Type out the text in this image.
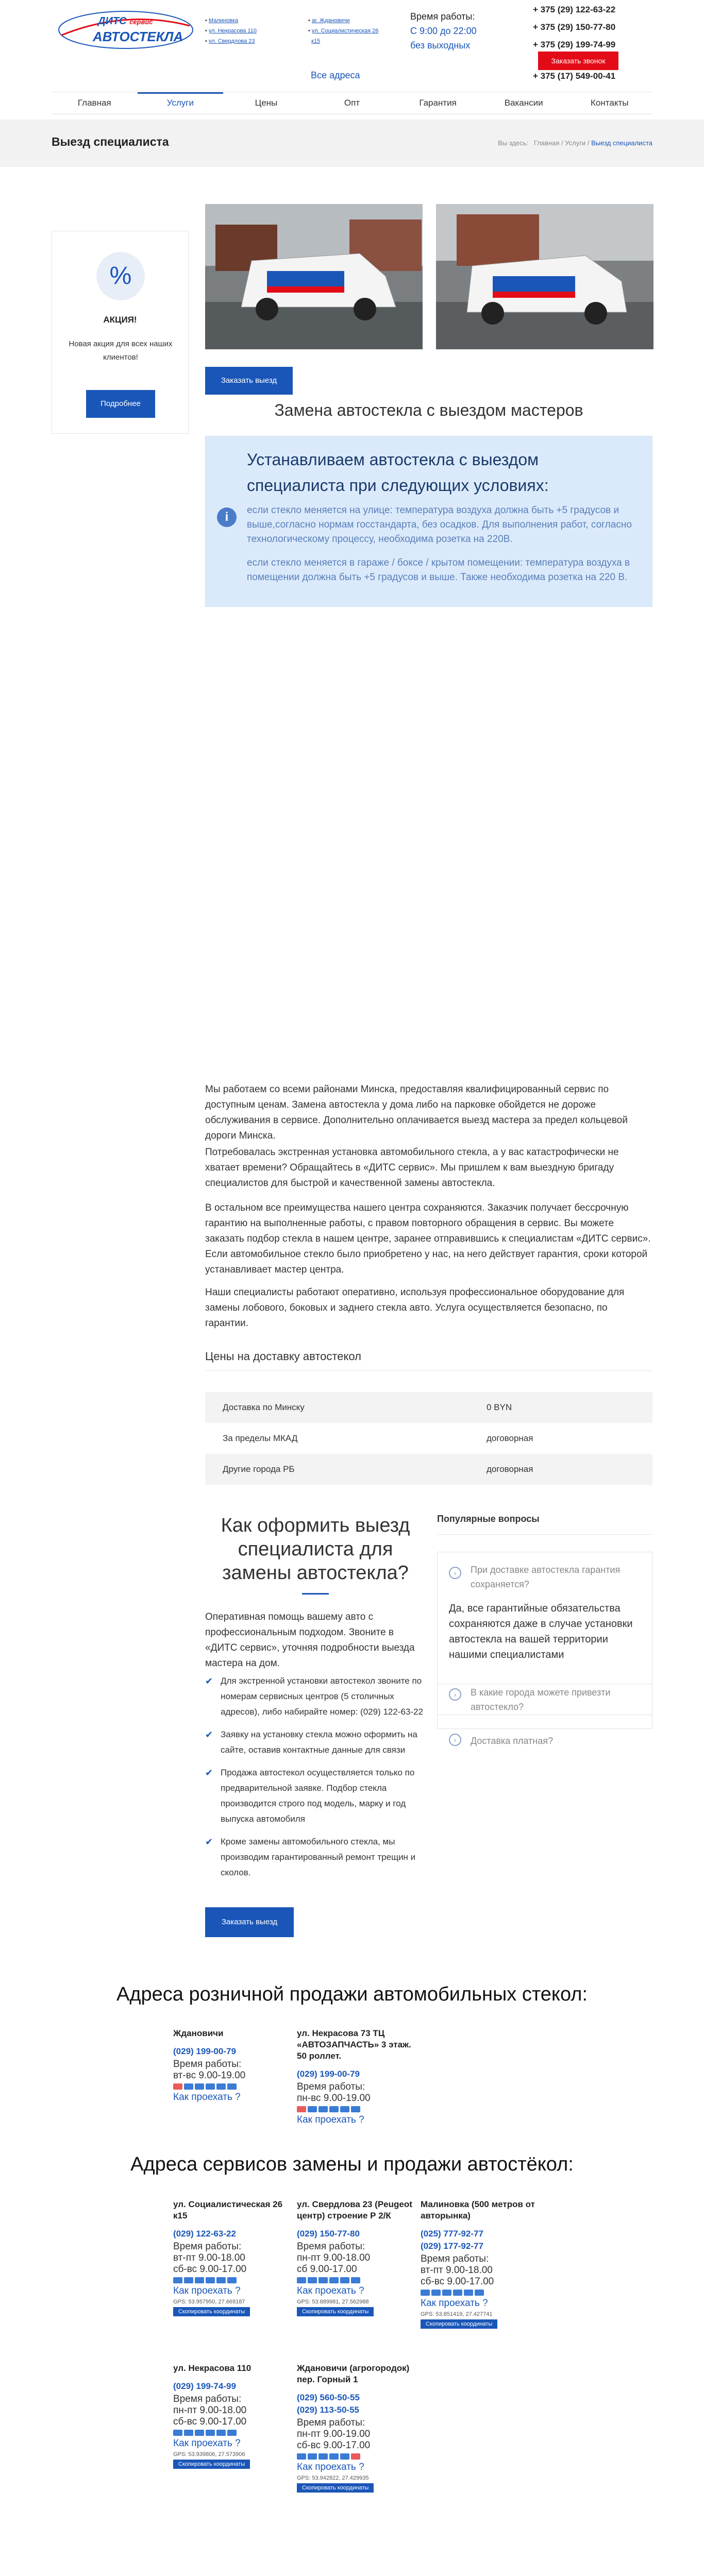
ДИТС сервис
АВТОСТЕКЛА
• Малиновка
• ул. Некрасова 110
• ул. Свердлова 23
• аг. Ждановичи
• ул. Социалистическая 26
к15
Все адреса
Время работы:
С 9:00 до 22:00
без выходных
+ 375 (29) 122-63-22
+ 375 (29) 150-77-80
+ 375 (29) 199-74-99
Заказать звонок
+ 375 (17) 549-00-41
Главная	Услуги	Цены	Опт	Гарантия	Вакансии	Контакты
Выезд специалиста	Вы здесь: Главная / Услуги / Выезд специалиста
%
АКЦИЯ!
Новая акция для всех наших клиентов!
Подробнее
Заказать выезд
Замена автостекла с выездом мастеров
Устанавливаем автостекла с выездом специалиста при следующих условиях:
i	если стекло меняется на улице: температура воздуха должна быть +5 градусов и выше,согласно нормам госстандарта, без осадков. Для выполнения работ, согласно технологическому процессу, необходима розетка на 220В.

если стекло меняется в гараже / боксе / крытом помещении: температура воздуха в помещении должна быть +5 градусов и выше. Также необходима розетка на 220 В.

Мы работаем со всеми районами Минска, предоставляя квалифицированный сервис по доступным ценам. Замена автостекла у дома либо на парковке обойдется не дороже обслуживания в сервисе. Дополнительно оплачивается выезд мастера за предел кольцевой дороги Минска.
Потребовалась экстренная установка автомобильного стекла, а у вас катастрофически не хватает времени? Обращайтесь в «ДИТС сервис». Мы пришлем к вам выездную бригаду специалистов для быстрой и качественной замены автостекла.
В остальном все преимущества нашего центра сохраняются. Заказчик получает бессрочную гарантию на выполненные работы, с правом повторного обращения в сервис. Вы можете заказать подбор стекла в нашем центре, заранее отправившись к специалистам «ДИТС сервис». Если автомобильное стекло было приобретено у нас, на него действует гарантия, сроки которой устанавливает мастер центра.
Наши специалисты работают оперативно, используя профессиональное оборудование для замены лобового, боковых и заднего стекла авто. Услуга осуществляется безопасно, по гарантии.
Цены на доставку автостекол
Доставка по Минску	0 BYN
За пределы МКАД	договорная
Другие города РБ	договорная
Как оформить выезд специалиста для замены автостекла?
Оперативная помощь вашему авто с профессиональным подходом. Звоните в «ДИТС сервис», уточняя подробности выезда мастера на дом.
✔ Для экстренной установки автостекол звоните по номерам сервисных центров (5 столичных адресов), либо набирайте номер: (029) 122-63-22
✔ Заявку на установку стекла можно оформить на сайте, оставив контактные данные для связи
✔ Продажа автостекол осуществляется только по предварительной заявке. Подбор стекла производится строго под модель, марку и год выпуска автомобиля
✔ Кроме замены автомобильного стекла, мы производим гарантированный ремонт трещин и сколов.
Заказать выезд
Популярные вопросы
›	При доставке автостекла гарантия сохраняется?
Да, все гарантийные обязательства сохраняются даже в случае установки автостекла на вашей территории нашими специалистами
›	В какие города можете привезти автостекло?
›	Доставка платная?
Адреса розничной продажи автомобильных стекол:
Ждановичи
(029) 199-00-79
Время работы:
вт-вс 9.00-19.00
Как проехать ?
ул. Некрасова 73 ТЦ «АВТОЗАПЧАСТЬ» 3 этаж. 50 роллет.
(029) 199-00-79
Время работы:
пн-вс 9.00-19.00
Как проехать ?
Адреса сервисов замены и продажи автостёкол:
ул. Социалистическая 26 к15
(029) 122-63-22
Время работы:
вт-пт 9.00-18.00
сб-вс 9.00-17.00
Как проехать ?
GPS: 53.957950, 27.669187
Скопировать координаты
ул. Свердлова 23 (Peugeot центр) строение Р 2/К
(029) 150-77-80
Время работы:
пн-пт 9.00-18.00
сб 9.00-17.00
Как проехать ?
GPS: 53.889981, 27.562988
Скопировать координаты
Малиновка (500 метров от авторынка)
(025) 777-92-77
(029) 177-92-77
Время работы:
вт-пт 9.00-18.00
сб-вс 9.00-17.00
Как проехать ?
GPS: 53.851419, 27.427741
Скопировать координаты
ул. Некрасова 110
(029) 199-74-99
Время работы:
пн-пт 9.00-18.00
сб-вс 9.00-17.00
Как проехать ?
GPS: 53.939806, 27.573906
Скопировать координаты
Ждановичи (агрогородок) пер. Горный 1
(029) 560-50-55
(029) 113-50-55
Время работы:
пн-пт 9.00-19.00
сб-вс 9.00-17.00
Как проехать ?
GPS: 53.942822, 27.429935
Скопировать координаты
